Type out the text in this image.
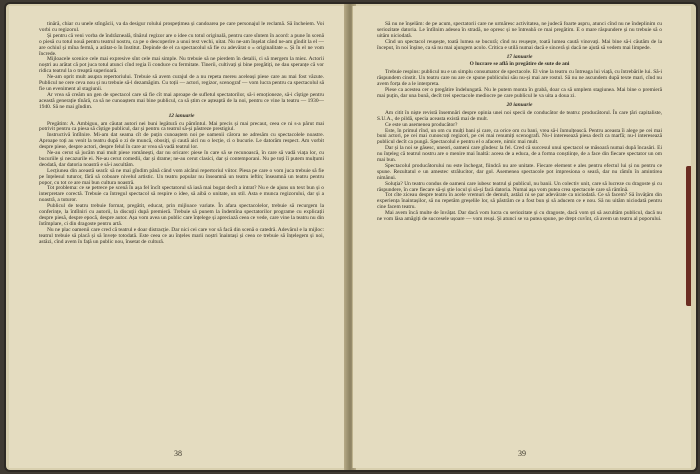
tinără, chiar cu unele stîngăcii, va da desigur rolului prospețimea și candoarea pe care personajul le reclamă. Să încheiem. Voi vorbi cu regizorul.

Și pentru că veni vorba de îndrăzneală, tînărul regizor are o idee cu totul originală, pentru care sîntem în acord: a pune în scenă o piesă cu totul nouă pentru teatrul nostru, ca pe o descoperire a unui text vechi, uitat. Nu ne-am înșelat când ne-am gîndit la el — are ochiul și mîna fermă, a arătat-o în Institut. Depinde de el ca spectacolul să fie cu adevărat o « originalitate ». Și în el ne vom încrede.

Mijloacele scenice cele mai expresive sînt cele mai simple. Nu trebuie să ne pierdem în detalii, ci să mergem la miez. Actorii noștri au arătat că pot juca totul atunci cînd regia îi conduce cu fermitate. Tinerii, cultivați și bine pregătiți, ne dau speranțe că vor ridica teatrul la o treaptă superioară.

Ne-am oprit mult asupra repertoriului. Trebuie să avem curajul de a nu repeta mereu aceleași piese care au mai fost văzute. Publicul ne cere ceva nou și nu trebuie să-l dezamăgim. Cu toții — actori, regizor, scenograf — vom lucra pentru ca spectacolul să fie un eveniment al stagiunii.

Ar vrea să creăm un gen de spectacol care să fie cît mai aproape de sufletul spectatorilor, să-i emoționeze, să-i cîștige pentru această generație tînără, ca să ne cunoaștem mai bine publicul, ca să știm ce așteaptă de la noi, pentru ce vine la teatru — 1930—1940. Să ne mai gîndim.

12 ianuarie

Pregătim: A. Ambiguu, am căutat autori nei buni legătură cu pămîntul. Mai precis și mai precaut, ceea ce ni s-a părut mai potrivit pentru ca piesa să cîștige publicul, dar și pentru ca teatrul să-și păstreze prestigiul.

Instructivă întîlnire. Mi-am dat seama cît de puțin cunoaștem noi pe oamenii cărora ne adresăm cu spectacolele noastre. Aproape toți au venit la teatru după o zi de muncă, obosiți, și caută aici nu o lecție, ci o bucurie. Le datorăm respect. Am vorbit despre piese, despre actori, despre felul în care ar vrea să vadă teatrul lor.

Ne-au cerut să jucăm mai mult piese românești, dar nu oricare: piese în care să se recunoască, în care să vadă viața lor, cu bucuriile și necazurile ei. Ne-au cerut comedii, dar și drame; ne-au cerut clasici, dar și contemporani. Nu pe toți îi putem mulțumi deodată, dar datoria noastră e să-i ascultăm.

Lecțiunea din această seară: să ne mai gîndim până când vom alcătui repertoriul viitor. Piesa pe care o vom juca trebuie să fie pe înțelesul tuturor, fără să coboare nivelul artistic. Un teatru popular nu înseamnă un teatru ieftin; înseamnă un teatru pentru popor, cu tot ce are mai bun cultura noastră.

Tot problema: ce se petrece pe scenă în așa fel încît spectatorul să iasă mai bogat decît a intrat? Nu e de ajuns un text bun și o interpretare corectă. Trebuie ca întregul spectacol să respire o idee, să aibă o unitate, un stil. Asta e munca regizorului, dar și a noastră, a tuturor.

Publicul de teatru trebuie format, pregătit, educat, prin mijloace variate. În afara spectacolelor, trebuie să recurgem la conferințe, la întîlniri cu autorii, la discuții după premieră. Trebuie să punem la îndemîna spectatorilor programe cu explicații despre piesă, despre epocă, despre autor. Așa vom avea un public care înțelege și apreciază ceea ce vede, care vine la teatru nu din întîmplare, ci din dragoste pentru artă.

Nu ne plac oamenii care cred că teatrul e doar distracție. Dar nici cei care vor să facă din scenă o catedră. Adevărul e la mijloc: teatrul trebuie să placă și să învețe totodată. Este ceea ce au înțeles marii noștri înaintași și ceea ce trebuie să înțelegem și noi, astăzi, cînd avem în față un public nou, însetat de cultură.

38

Să nu ne înșelăm: de pe acum, spectatorii care ne urmăresc activitatea, ne judecă foarte aspru, atunci cînd nu ne îndeplinim cu seriozitate datoria. Le întîlnim adesea în stradă, ne opresc și ne întreabă ce mai pregătim. E o mare răspundere și nu trebuie să o uităm niciodată.

Cînd un spectacol reușește, toată lumea se bucură; cînd nu reușește, toată lumea caută vinovați. Mai bine să-i căutăm de la început, în noi înșine, ca să nu mai ajungem acolo. Critica e utilă numai dacă e sinceră și dacă ne ajută să vedem mai limpede.

17 ianuarie

O lucrare se află în pregătire de sute de ani

Trebuie respins: publicul nu e un simplu consumator de spectacole. El vine la teatru cu întreaga lui viață, cu întrebările lui. Să-i răspundem cinstit. Un teatru care nu are ce spune publicului său nu-și mai are rostul. Să nu ne ascundem după texte mari, cînd nu avem forța de a le interpreta.

Piese ca acestea cer o pregătire îndelungată. Nu le putem monta în grabă, doar ca să umplem stagiunea. Mai bine o premieră mai puțin, dar una bună, decît trei spectacole mediocre pe care publicul le va uita a doua zi.

20 ianuarie

Am citit în niște revistă însemnări despre opinia unei noi specii de conducător de teatru: producătorul. În care țări capitaliste, S.U.A., de pildă, specia aceasta există mai de mult.

Ce este un asemenea producător?

Este, în primul rînd, un om cu mulți bani și care, ca orice om cu bani, vrea să-i înmulțească. Pentru aceasta îi alege pe cei mai buni actori, pe cei mai cunoscuți regizori, pe cei mai renumiți scenografi. Nu-l interesează piesa decît ca marfă; nu-l interesează publicul decît ca pungă. Spectacolul e pentru el o afacere, nimic mai mult.

Dar și la noi se găsesc, uneori, oameni care gîndesc la fel. Cred că succesul unui spectacol se măsoară numai după încasări. Ei nu înțeleg că teatrul nostru are o menire mai înaltă: aceea de a educa, de a forma conștiințe, de a face din fiecare spectator un om mai bun.

Spectacolul producătorului nu este închegat, fiindcă nu are unitate. Fiecare element e ales pentru efectul lui și nu pentru ce spune. Rezultatul e un amestec strălucitor, dar gol. Asemenea spectacole pot impresiona o seară, dar nu rămîn în amintirea nimănui.

Soluția? Un teatru condus de oameni care iubesc teatrul și publicul, nu banii. Un colectiv unit, care să lucreze cu dragoste și cu răspundere, în care fiecare să-și știe locul și să-și facă datoria. Numai așa vom putea crea spectacole care să rămînă.

Tot cîte ziceau despre teatru în acele vremuri de demult, astăzi ni se par adevărate ca niciodată. Ce să facem? Să învățăm din experiența înaintașilor, să nu repetăm greșelile lor, să păstrăm ce a fost bun și să aducem ce e nou. Să nu uităm niciodată pentru cine facem teatru.

Mai avem încă multe de învățat. Dar dacă vom lucra cu seriozitate și cu dragoste, dacă vom ști să ascultăm publicul, dacă nu ne vom lăsa amăgiți de succesele ușoare — vom reuși. Și atunci se va putea spune, pe drept cuvînt, că avem un teatru al poporului.

39
